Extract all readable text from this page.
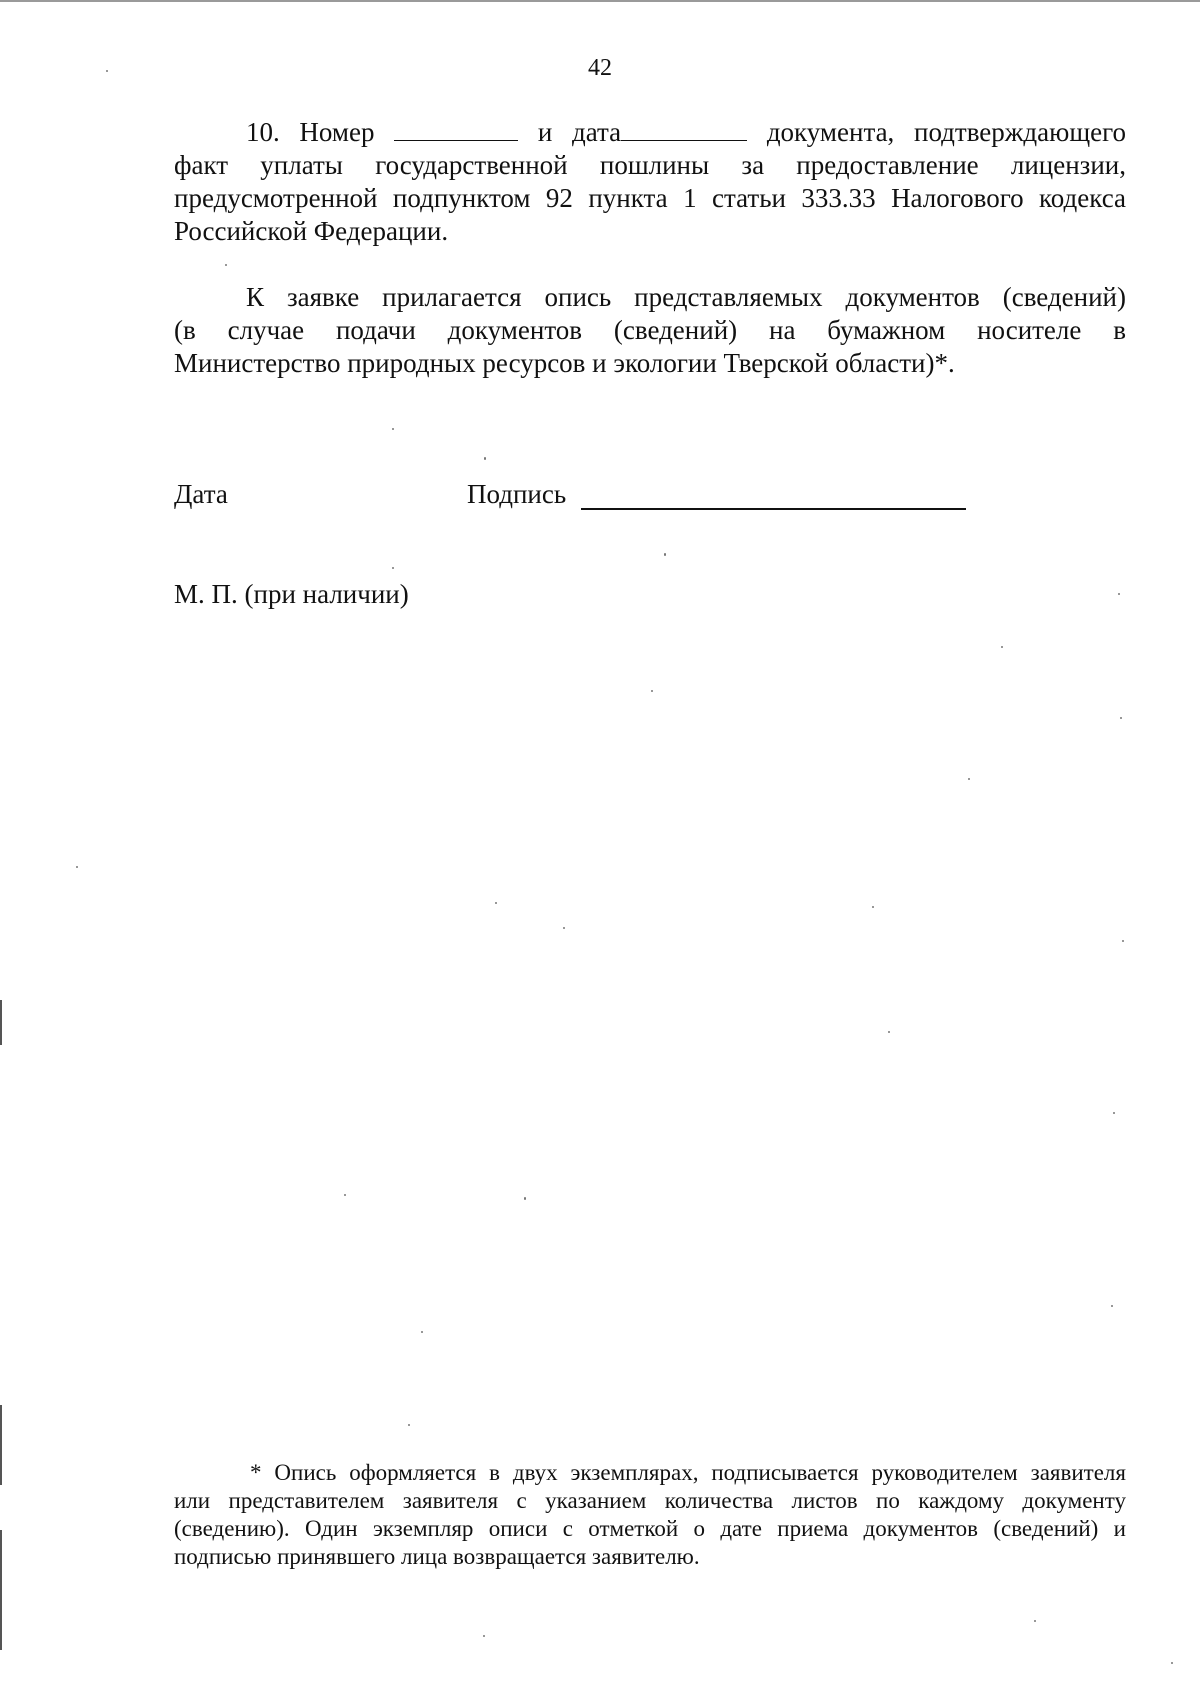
42
10. Номер	и дата	документа, подтверждающего
факт уплаты государственной пошлины за предоставление лицензии,
предусмотренной подпунктом 92 пункта 1 статьи 333.33 Налогового кодекса
Российской Федерации.
К заявке прилагается опись представляемых документов (сведений)
(в случае подачи документов (сведений) на бумажном носителе в
Министерство природных ресурсов и экологии Тверской области)*.
Дата	Подпись
М. П. (при наличии)
* Опись оформляется в двух экземплярах, подписывается руководителем заявителя
или представителем заявителя с указанием количества листов по каждому документу
(сведению). Один экземпляр описи с отметкой о дате приема документов (сведений) и
подписью принявшего лица возвращается заявителю.
